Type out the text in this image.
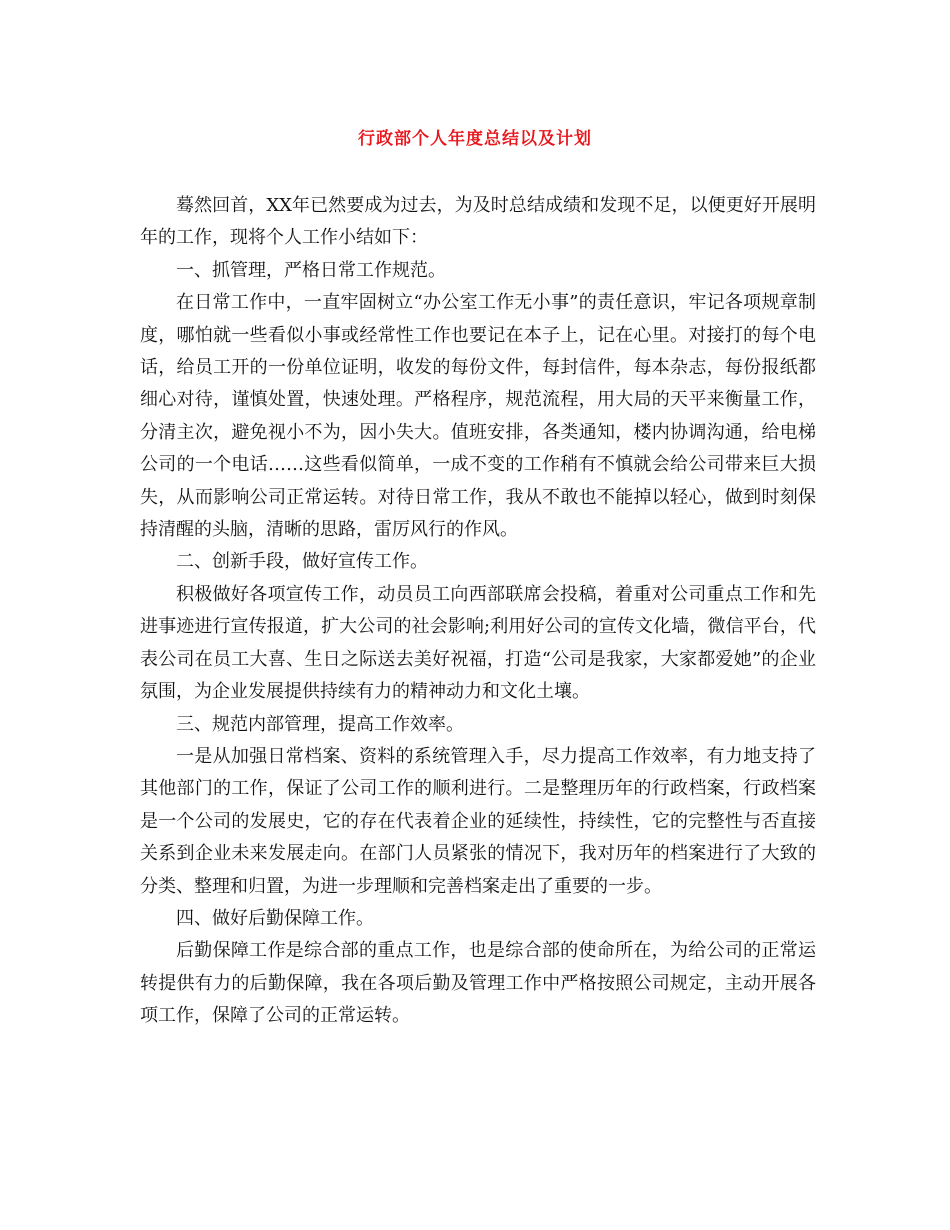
行政部个人年度总结以及计划

蓦然回首，XX年已然要成为过去，为及时总结成绩和发现不足，以便更好开展明年的工作，现将个人工作小结如下：

一、抓管理，严格日常工作规范。

在日常工作中，一直牢固树立“办公室工作无小事”的责任意识，牢记各项规章制度，哪怕就一些看似小事或经常性工作也要记在本子上，记在心里。对接打的每个电话，给员工开的一份单位证明，收发的每份文件，每封信件，每本杂志，每份报纸都细心对待，谨慎处置，快速处理。严格程序，规范流程，用大局的天平来衡量工作，分清主次，避免视小不为，因小失大。值班安排，各类通知，楼内协调沟通，给电梯公司的一个电话……这些看似简单，一成不变的工作稍有不慎就会给公司带来巨大损失，从而影响公司正常运转。对待日常工作，我从不敢也不能掉以轻心，做到时刻保持清醒的头脑，清晰的思路，雷厉风行的作风。

二、创新手段，做好宣传工作。

积极做好各项宣传工作，动员员工向西部联席会投稿，着重对公司重点工作和先进事迹进行宣传报道，扩大公司的社会影响;利用好公司的宣传文化墙，微信平台，代表公司在员工大喜、生日之际送去美好祝福，打造“公司是我家，大家都爱她”的企业氛围，为企业发展提供持续有力的精神动力和文化土壤。

三、规范内部管理，提高工作效率。

一是从加强日常档案、资料的系统管理入手，尽力提高工作效率，有力地支持了其他部门的工作，保证了公司工作的顺利进行。二是整理历年的行政档案，行政档案是一个公司的发展史，它的存在代表着企业的延续性，持续性，它的完整性与否直接关系到企业未来发展走向。在部门人员紧张的情况下，我对历年的档案进行了大致的分类、整理和归置，为进一步理顺和完善档案走出了重要的一步。

四、做好后勤保障工作。

后勤保障工作是综合部的重点工作，也是综合部的使命所在，为给公司的正常运转提供有力的后勤保障，我在各项后勤及管理工作中严格按照公司规定，主动开展各项工作，保障了公司的正常运转。
